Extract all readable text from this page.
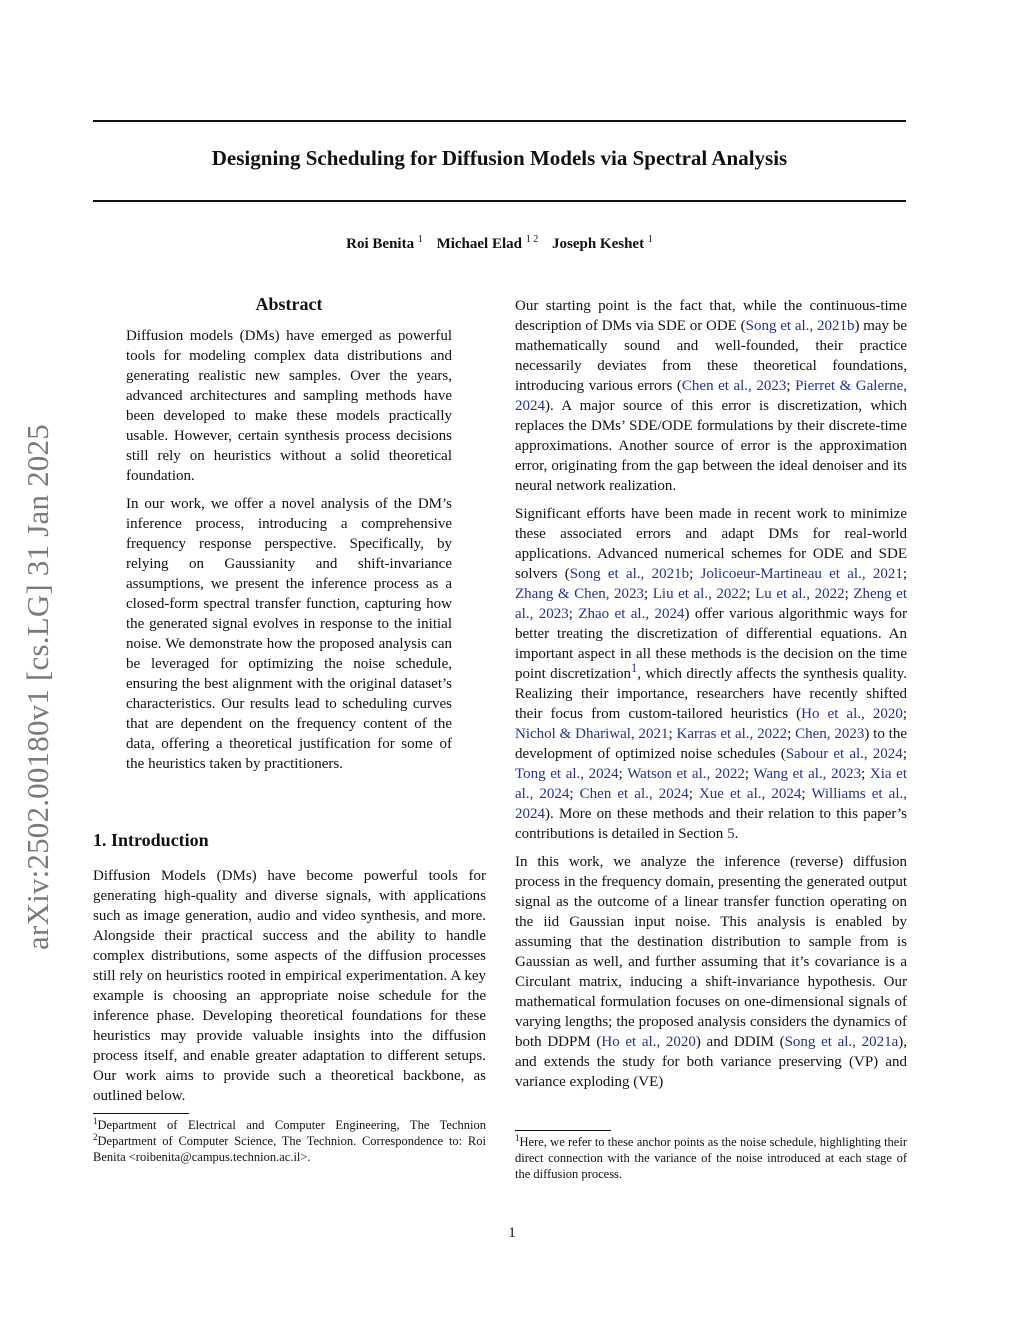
arXiv:2502.00180v1 [cs.LG] 31 Jan 2025
Designing Scheduling for Diffusion Models via Spectral Analysis
Roi Benita $^1$ Michael Elad $^{1 2}$ Joseph Keshet $^1$
Abstract

Diffusion models (DMs) have emerged as powerful tools for modeling complex data distributions and generating realistic new samples. Over the years, advanced architectures and sampling methods have been developed to make these models practically usable. However, certain synthesis process decisions still rely on heuristics without a solid theoretical foundation.

In our work, we offer a novel analysis of the DM’s inference process, introducing a comprehensive frequency response perspective. Specifically, by relying on Gaussianity and shift-invariance assumptions, we present the inference process as a closed-form spectral transfer function, capturing how the generated signal evolves in response to the initial noise. We demonstrate how the proposed analysis can be leveraged for optimizing the noise schedule, ensuring the best alignment with the original dataset’s characteristics. Our results lead to scheduling curves that are dependent on the frequency content of the data, offering a theoretical justification for some of the heuristics taken by practitioners.

1. Introduction

Diffusion Models (DMs) have become powerful tools for generating high-quality and diverse signals, with applications such as image generation, audio and video synthesis, and more. Alongside their practical success and the ability to handle complex distributions, some aspects of the diffusion processes still rely on heuristics rooted in empirical experimentation. A key example is choosing an appropriate noise schedule for the inference phase. Developing theoretical foundations for these heuristics may provide valuable insights into the diffusion process itself, and enable greater adaptation to different setups. Our work aims to provide such a theoretical backbone, as outlined below.

Our starting point is the fact that, while the continuous-time description of DMs via SDE or ODE (Song et al., 2021b) may be mathematically sound and well-founded, their practice necessarily deviates from these theoretical foundations, introducing various errors (Chen et al., 2023; Pierret & Galerne, 2024). A major source of this error is discretization, which replaces the DMs’ SDE/ODE formulations by their discrete-time approximations. Another source of error is the approximation error, originating from the gap between the ideal denoiser and its neural network realization.

Significant efforts have been made in recent work to minimize these associated errors and adapt DMs for real-world applications. Advanced numerical schemes for ODE and SDE solvers (Song et al., 2021b; Jolicoeur-Martineau et al., 2021; Zhang & Chen, 2023; Liu et al., 2022; Lu et al., 2022; Zheng et al., 2023; Zhao et al., 2024) offer various algorithmic ways for better treating the discretization of differential equations. An important aspect in all these methods is the decision on the time point discretization$^1$, which directly affects the synthesis quality. Realizing their importance, researchers have recently shifted their focus from custom-tailored heuristics (Ho et al., 2020; Nichol & Dhariwal, 2021; Karras et al., 2022; Chen, 2023) to the development of optimized noise schedules (Sabour et al., 2024; Tong et al., 2024; Watson et al., 2022; Wang et al., 2023; Xia et al., 2024; Chen et al., 2024; Xue et al., 2024; Williams et al., 2024). More on these methods and their relation to this paper’s contributions is detailed in Section 5.

In this work, we analyze the inference (reverse) diffusion process in the frequency domain, presenting the generated output signal as the outcome of a linear transfer function operating on the iid Gaussian input noise. This analysis is enabled by assuming that the destination distribution to sample from is Gaussian as well, and further assuming that it’s covariance is a Circulant matrix, inducing a shift-invariance hypothesis. Our mathematical formulation focuses on one-dimensional signals of varying lengths; the proposed analysis considers the dynamics of both DDPM (Ho et al., 2020) and DDIM (Song et al., 2021a), and extends the study for both variance preserving (VP) and variance exploding (VE)

$^1$Department of Electrical and Computer Engineering, The Technion $^2$Department of Computer Science, The Technion. Correspondence to: Roi Benita <roibenita@campus.technion.ac.il>.
$^1$Here, we refer to these anchor points as the noise schedule, highlighting their direct connection with the variance of the noise introduced at each stage of the diffusion process.
1
